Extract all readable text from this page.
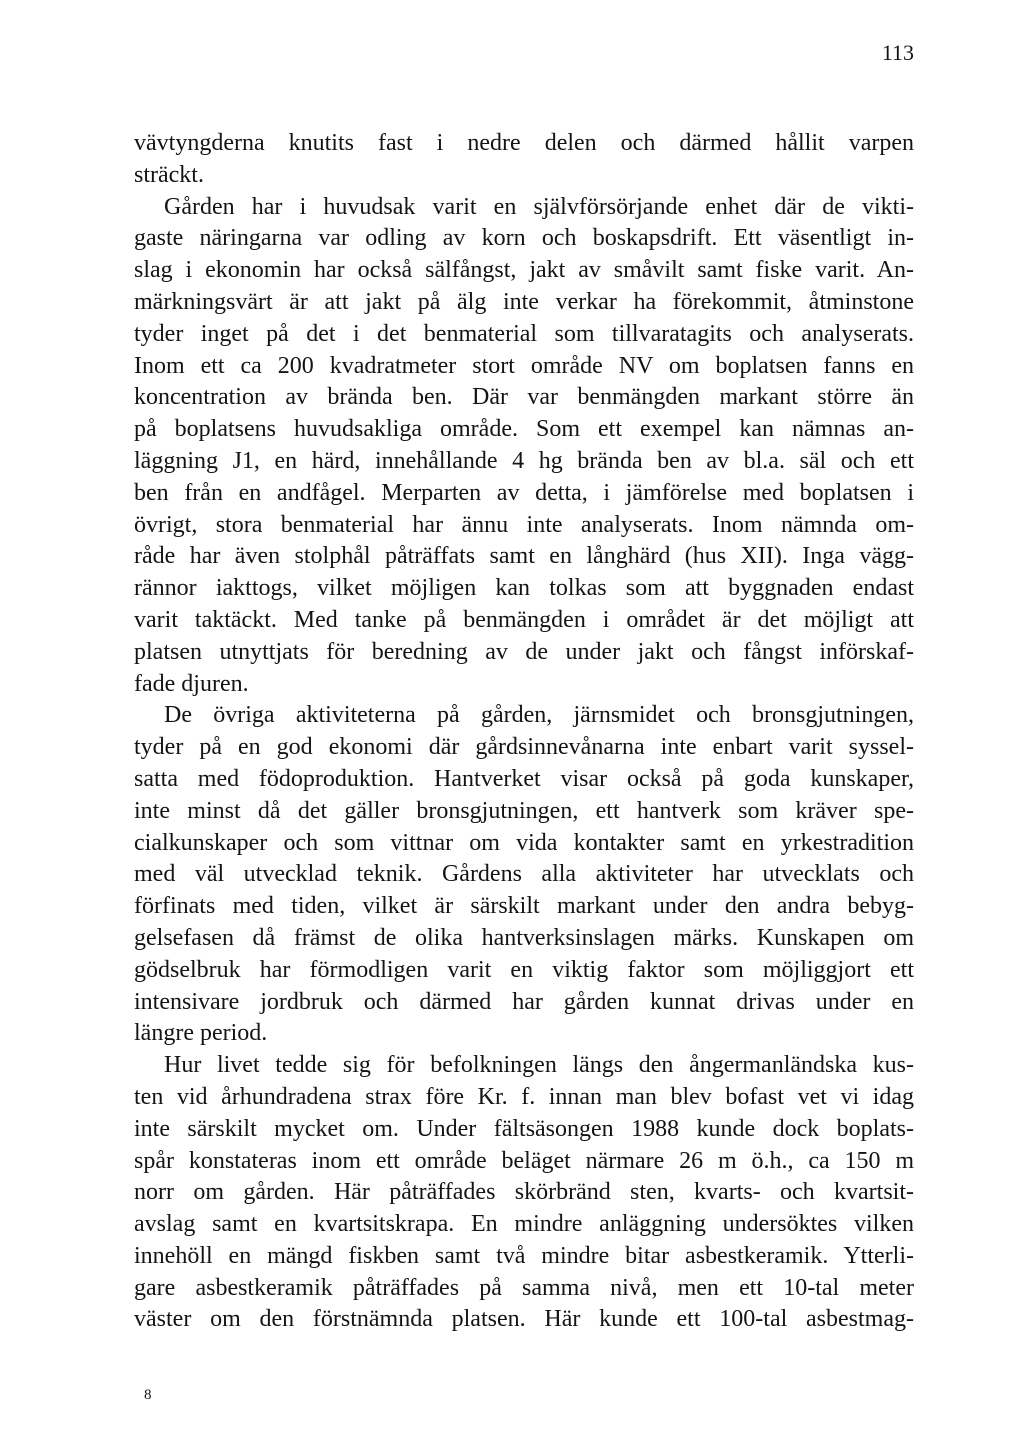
113
vävtyngderna knutits fast i nedre delen och därmed hållit varpen
sträckt.
Gården har i huvudsak varit en självförsörjande enhet där de vikti-
gaste näringarna var odling av korn och boskapsdrift. Ett väsentligt in-
slag i ekonomin har också sälfångst, jakt av småvilt samt fiske varit. An-
märkningsvärt är att jakt på älg inte verkar ha förekommit, åtminstone
tyder inget på det i det benmaterial som tillvaratagits och analyserats.
Inom ett ca 200 kvadratmeter stort område NV om boplatsen fanns en
koncentration av brända ben. Där var benmängden markant större än
på boplatsens huvudsakliga område. Som ett exempel kan nämnas an-
läggning J1, en härd, innehållande 4 hg brända ben av bl.a. säl och ett
ben från en andfågel. Merparten av detta, i jämförelse med boplatsen i
övrigt, stora benmaterial har ännu inte analyserats. Inom nämnda om-
råde har även stolphål påträffats samt en långhärd (hus XII). Inga vägg-
rännor iakttogs, vilket möjligen kan tolkas som att byggnaden endast
varit taktäckt. Med tanke på benmängden i området är det möjligt att
platsen utnyttjats för beredning av de under jakt och fångst införskaf-
fade djuren.
De övriga aktiviteterna på gården, järnsmidet och bronsgjutningen,
tyder på en god ekonomi där gårdsinnevånarna inte enbart varit syssel-
satta med födoproduktion. Hantverket visar också på goda kunskaper,
inte minst då det gäller bronsgjutningen, ett hantverk som kräver spe-
cialkunskaper och som vittnar om vida kontakter samt en yrkestradition
med väl utvecklad teknik. Gårdens alla aktiviteter har utvecklats och
förfinats med tiden, vilket är särskilt markant under den andra bebyg-
gelsefasen då främst de olika hantverksinslagen märks. Kunskapen om
gödselbruk har förmodligen varit en viktig faktor som möjliggjort ett
intensivare jordbruk och därmed har gården kunnat drivas under en
längre period.
Hur livet tedde sig för befolkningen längs den ångermanländska kus-
ten vid århundradena strax före Kr. f. innan man blev bofast vet vi idag
inte särskilt mycket om. Under fältsäsongen 1988 kunde dock boplats-
spår konstateras inom ett område beläget närmare 26 m ö.h., ca 150 m
norr om gården. Här påträffades skörbränd sten, kvarts- och kvartsit-
avslag samt en kvartsitskrapa. En mindre anläggning undersöktes vilken
innehöll en mängd fiskben samt två mindre bitar asbestkeramik. Ytterli-
gare asbestkeramik påträffades på samma nivå, men ett 10-tal meter
väster om den förstnämnda platsen. Här kunde ett 100-tal asbestmag-
8
